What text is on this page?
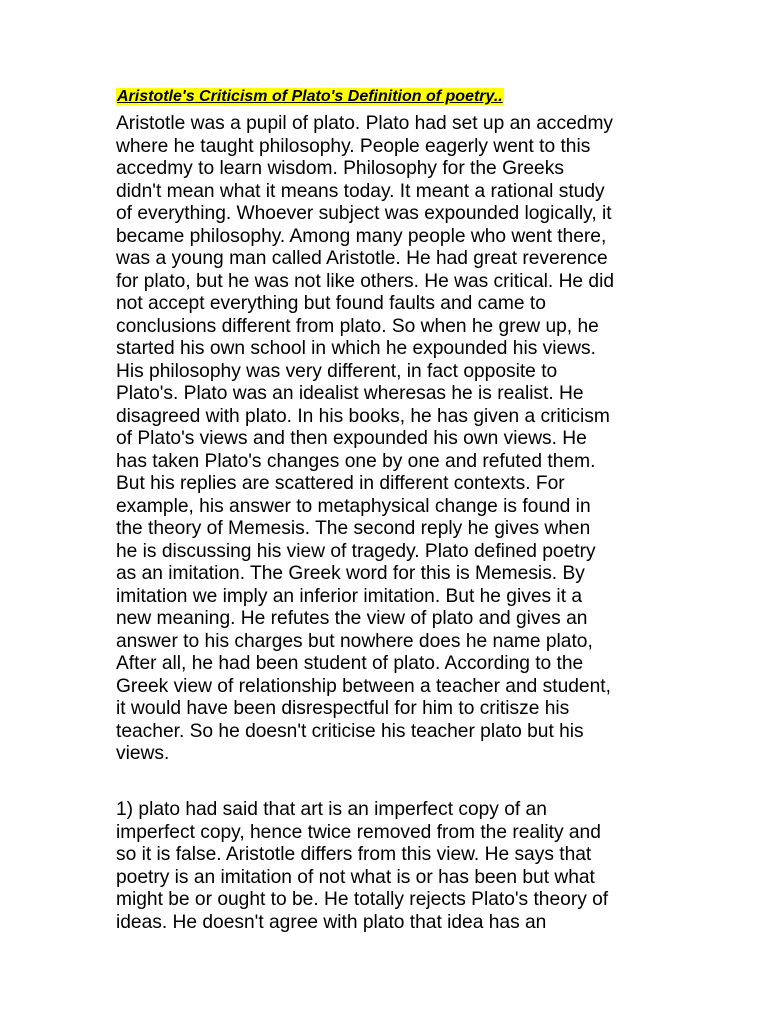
Aristotle's Criticism of Plato's Definition of poetry..

Aristotle was a pupil of plato. Plato had set up an accedmy
where he taught philosophy. People eagerly went to this
accedmy to learn wisdom. Philosophy for the Greeks
didn't mean what it means today. It meant a rational study
of everything. Whoever subject was expounded logically, it
became philosophy. Among many people who went there,
was a young man called Aristotle. He had great reverence
for plato, but he was not like others. He was critical. He did
not accept everything but found faults and came to
conclusions different from plato. So when he grew up, he
started his own school in which he expounded his views.
His philosophy was very different, in fact opposite to
Plato's. Plato was an idealist wheresas he is realist. He
disagreed with plato. In his books, he has given a criticism
of Plato's views and then expounded his own views. He
has taken Plato's changes one by one and refuted them.
But his replies are scattered in different contexts. For
example, his answer to metaphysical change is found in
the theory of Memesis. The second reply he gives when
he is discussing his view of tragedy. Plato defined poetry
as an imitation. The Greek word for this is Memesis. By
imitation we imply an inferior imitation. But he gives it a
new meaning. He refutes the view of plato and gives an
answer to his charges but nowhere does he name plato,
After all, he had been student of plato. According to the
Greek view of relationship between a teacher and student,
it would have been disrespectful for him to critisze his
teacher. So he doesn't criticise his teacher plato but his
views.

1) plato had said that art is an imperfect copy of an
imperfect copy, hence twice removed from the reality and
so it is false. Aristotle differs from this view. He says that
poetry is an imitation of not what is or has been but what
might be or ought to be. He totally rejects Plato's theory of
ideas. He doesn't agree with plato that idea has an
